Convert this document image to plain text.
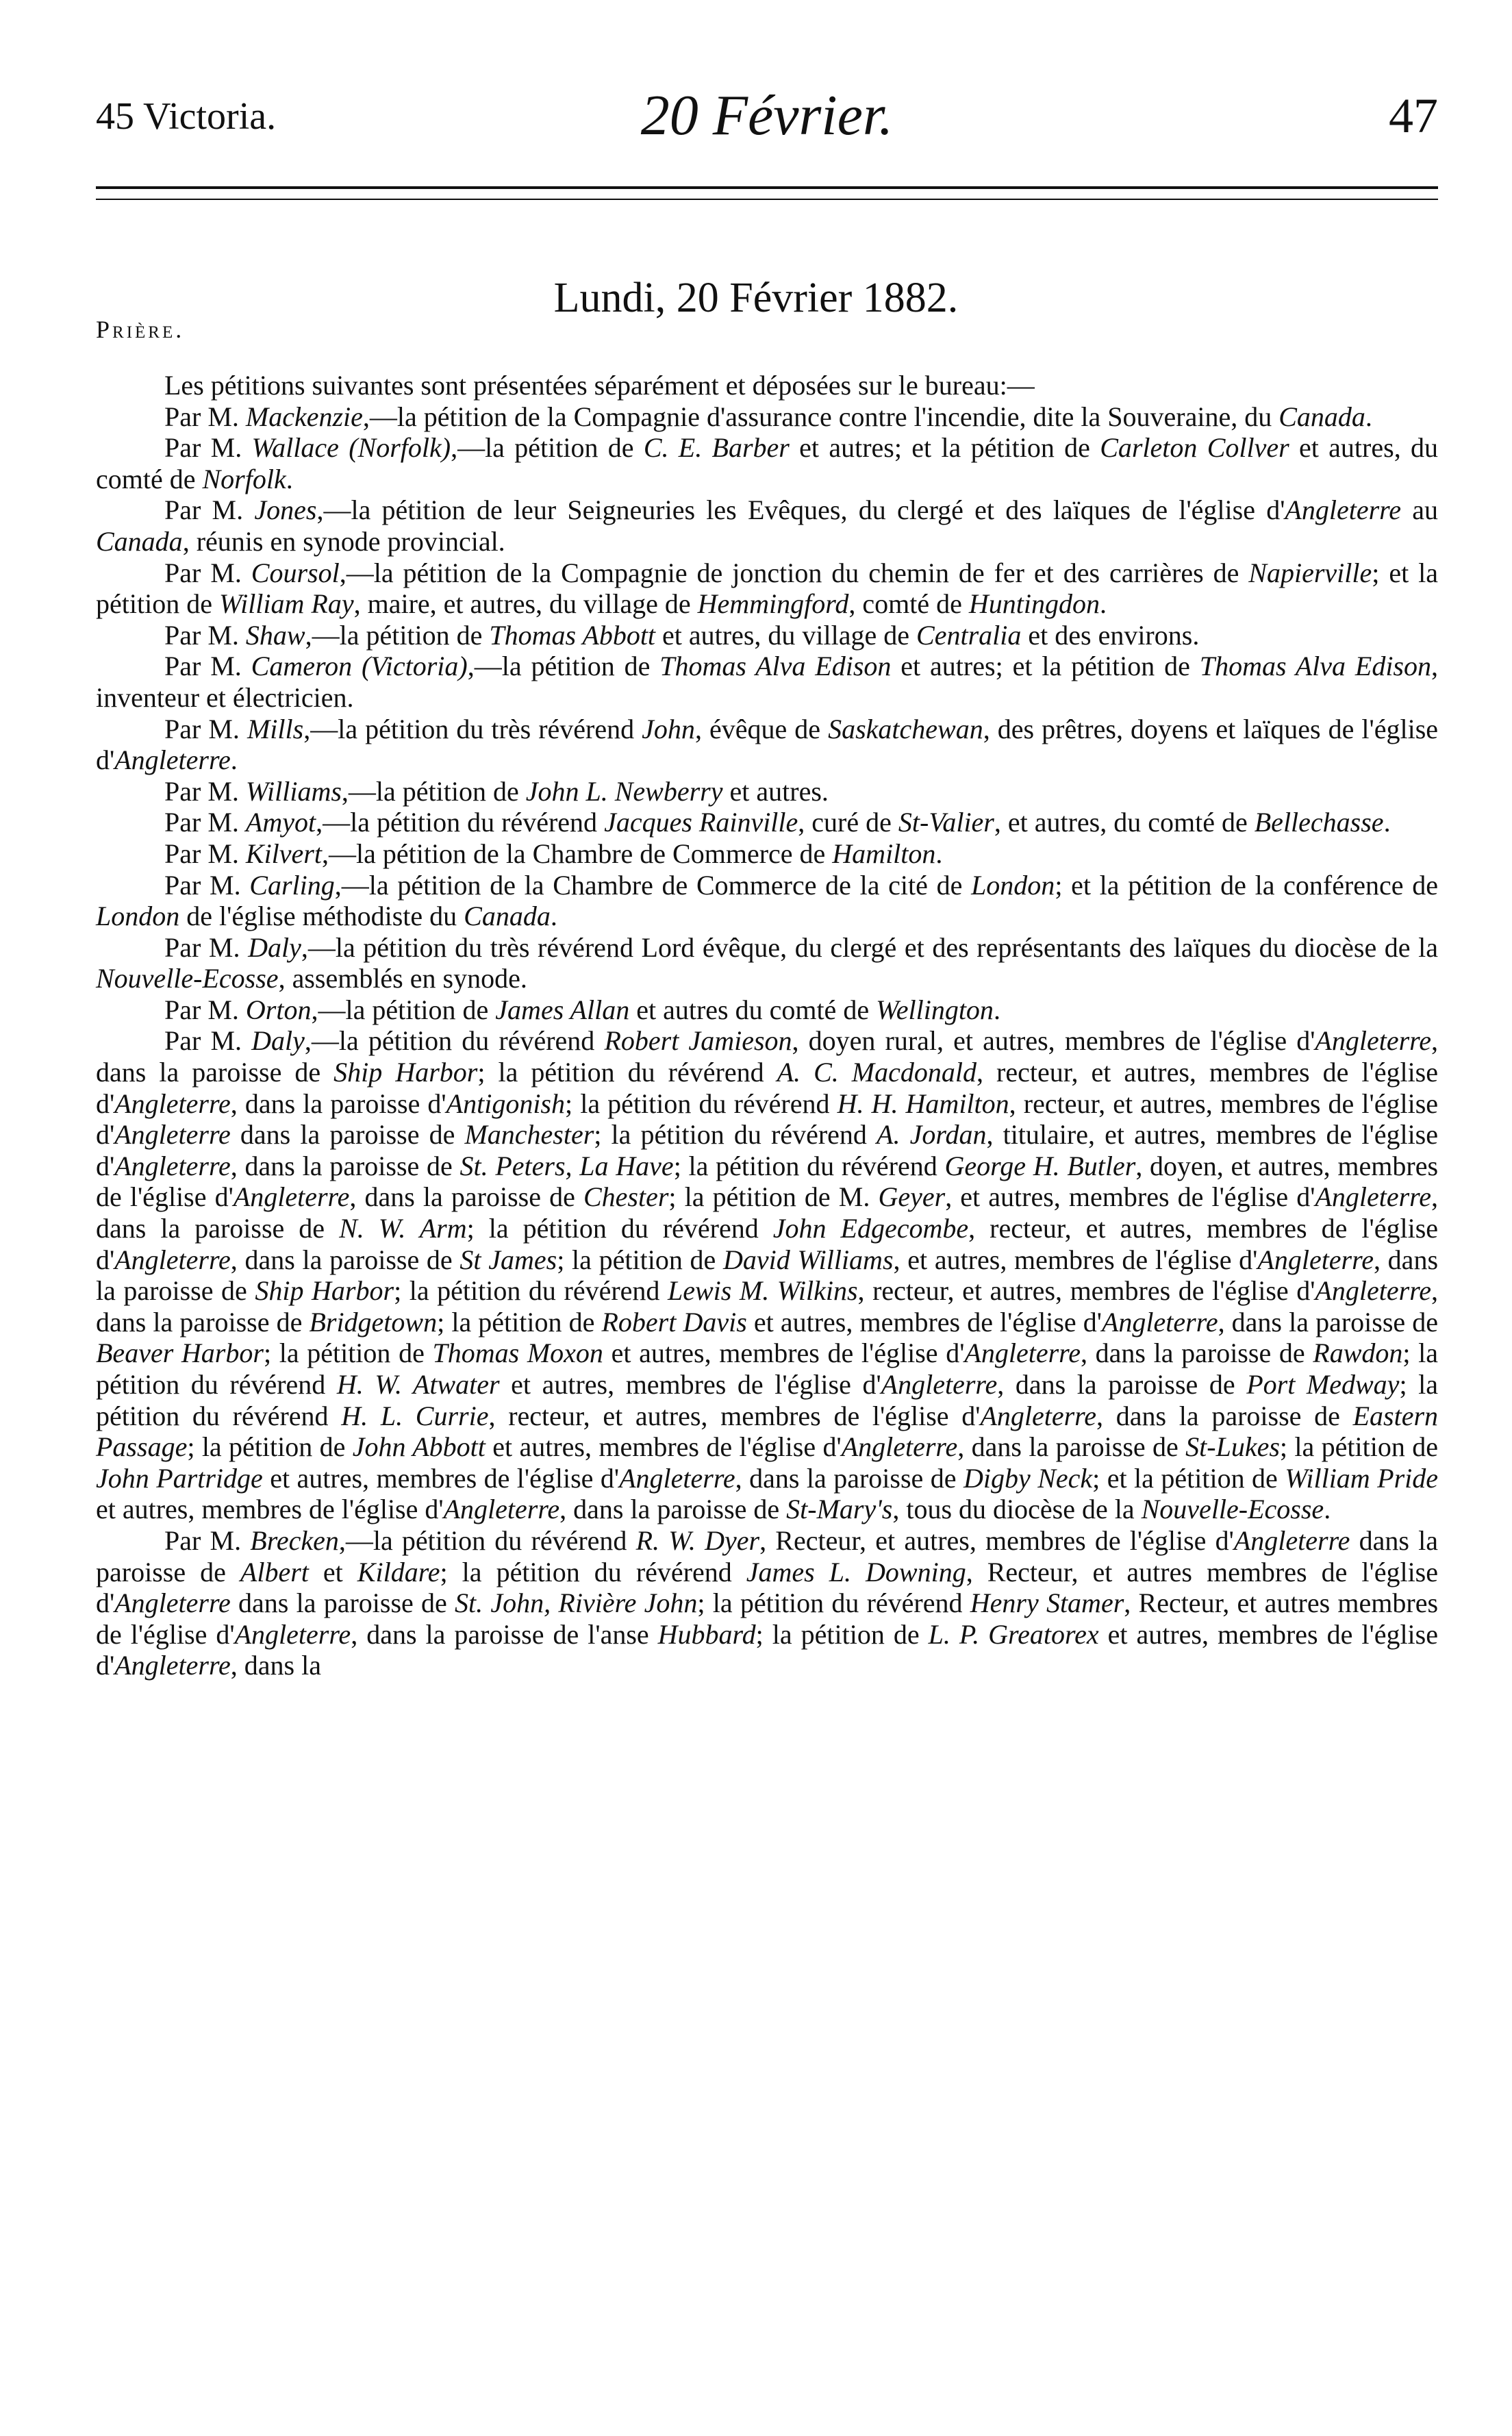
45 Victoria.	20 Février.	47
Lundi, 20 Février 1882.
Prière.

Les pétitions suivantes sont présentées séparément et déposées sur le bureau:—

Par M. Mackenzie,—la pétition de la Compagnie d'assurance contre l'incendie, dite la Souveraine, du Canada.

Par M. Wallace (Norfolk),—la pétition de C. E. Barber et autres; et la pétition de Carleton Collver et autres, du comté de Norfolk.

Par M. Jones,—la pétition de leur Seigneuries les Evêques, du clergé et des laïques de l'église d'Angleterre au Canada, réunis en synode provincial.

Par M. Coursol,—la pétition de la Compagnie de jonction du chemin de fer et des carrières de Napierville; et la pétition de William Ray, maire, et autres, du village de Hemmingford, comté de Huntingdon.

Par M. Shaw,—la pétition de Thomas Abbott et autres, du village de Centralia et des environs.

Par M. Cameron (Victoria),—la pétition de Thomas Alva Edison et autres; et la pétition de Thomas Alva Edison, inventeur et électricien.

Par M. Mills,—la pétition du très révérend John, évêque de Saskatchewan, des prêtres, doyens et laïques de l'église d'Angleterre.

Par M. Williams,—la pétition de John L. Newberry et autres.

Par M. Amyot,—la pétition du révérend Jacques Rainville, curé de St-Valier, et autres, du comté de Bellechasse.

Par M. Kilvert,—la pétition de la Chambre de Commerce de Hamilton.

Par M. Carling,—la pétition de la Chambre de Commerce de la cité de London; et la pétition de la conférence de London de l'église méthodiste du Canada.

Par M. Daly,—la pétition du très révérend Lord évêque, du clergé et des représentants des laïques du diocèse de la Nouvelle-Ecosse, assemblés en synode.

Par M. Orton,—la pétition de James Allan et autres du comté de Wellington.

Par M. Daly,—la pétition du révérend Robert Jamieson, doyen rural, et autres, membres de l'église d'Angleterre, dans la paroisse de Ship Harbor; la pétition du révérend A. C. Macdonald, recteur, et autres, membres de l'église d'Angleterre, dans la paroisse d'Antigonish; la pétition du révérend H. H. Hamilton, recteur, et autres, membres de l'église d'Angleterre dans la paroisse de Manchester; la pétition du révérend A. Jordan, titulaire, et autres, membres de l'église d'Angleterre, dans la paroisse de St. Peters, La Have; la pétition du révérend George H. Butler, doyen, et autres, membres de l'église d'Angleterre, dans la paroisse de Chester; la pétition de M. Geyer, et autres, membres de l'église d'Angleterre, dans la paroisse de N. W. Arm; la pétition du révérend John Edgecombe, recteur, et autres, membres de l'église d'Angleterre, dans la paroisse de St James; la pétition de David Williams, et autres, membres de l'église d'Angleterre, dans la paroisse de Ship Harbor; la pétition du révérend Lewis M. Wilkins, recteur, et autres, membres de l'église d'Angleterre, dans la paroisse de Bridgetown; la pétition de Robert Davis et autres, membres de l'église d'Angleterre, dans la paroisse de Beaver Harbor; la pétition de Thomas Moxon et autres, membres de l'église d'Angleterre, dans la paroisse de Rawdon; la pétition du révérend H. W. Atwater et autres, membres de l'église d'Angleterre, dans la paroisse de Port Medway; la pétition du révérend H. L. Currie, recteur, et autres, membres de l'église d'Angleterre, dans la paroisse de Eastern Passage; la pétition de John Abbott et autres, membres de l'église d'Angleterre, dans la paroisse de St-Lukes; la pétition de John Partridge et autres, membres de l'église d'Angleterre, dans la paroisse de Digby Neck; et la pétition de William Pride et autres, membres de l'église d'Angleterre, dans la paroisse de St-Mary's, tous du diocèse de la Nouvelle-Ecosse.

Par M. Brecken,—la pétition du révérend R. W. Dyer, Recteur, et autres, membres de l'église d'Angleterre dans la paroisse de Albert et Kildare; la pétition du révérend James L. Downing, Recteur, et autres membres de l'église d'Angleterre dans la paroisse de St. John, Rivière John; la pétition du révérend Henry Stamer, Recteur, et autres membres de l'église d'Angleterre, dans la paroisse de l'anse Hubbard; la pétition de L. P. Greatorex et autres, membres de l'église d'Angleterre, dans la
